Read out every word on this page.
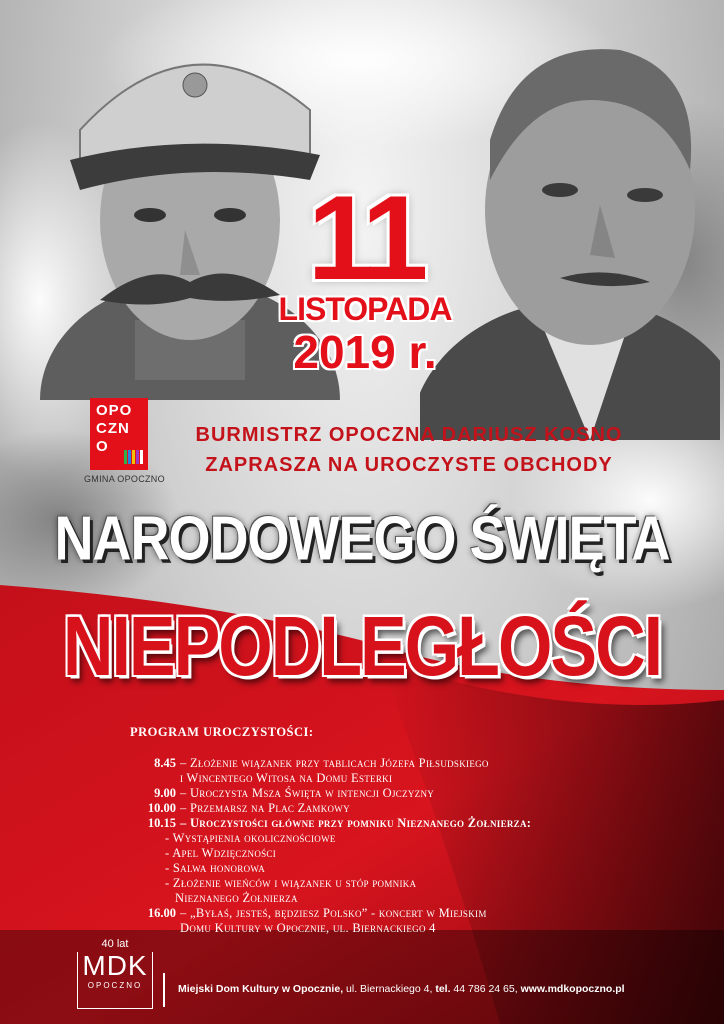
11
LISTOPADA
2019 r.
OPO
CZN
O
GMINA OPOCZNO
BURMISTRZ OPOCZNA DARIUSZ KOSNO
ZAPRASZA NA UROCZYSTE OBCHODY
NARODOWEGO ŚWIĘTA
NIEPODLEGŁOŚCI
PROGRAM UROCZYSTOŚCI:
8.45 – Złożenie wiązanek przy tablicach Józefa Piłsudskiego
i Wincentego Witosa na Domu Esterki
9.00 – Uroczysta Msza Święta w intencji Ojczyzny
10.00 – Przemarsz na Plac Zamkowy
10.15 – Uroczystości główne przy pomniku Nieznanego Żołnierza:
- Wystąpienia okolicznościowe
- Apel Wdzięczności
- Salwa honorowa
- Złożenie wieńców i wiązanek u stóp pomnika
Nieznanego Żołnierza
16.00 – „Byłaś, jesteś, będziesz Polsko” - koncert w Miejskim
Domu Kultury w Opocznie, ul. Biernackiego 4
40 lat
MDK
OPOCZNO	Miejski Dom Kultury w Opocznie, ul. Biernackiego 4, tel. 44 786 24 65, www.mdkopoczno.pl
